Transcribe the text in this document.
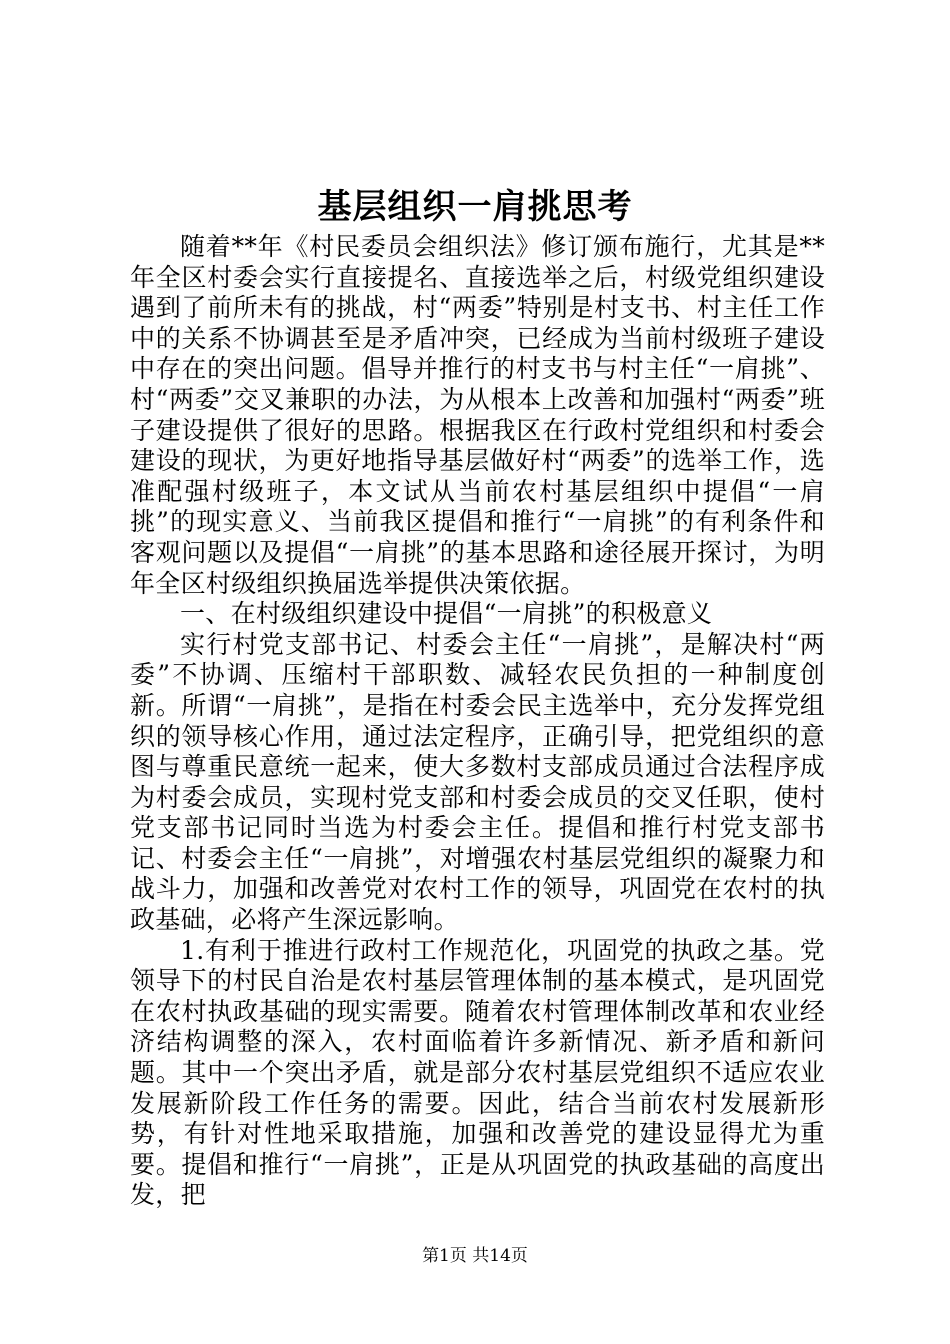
基层组织一肩挑思考

随着**年《村民委员会组织法》修订颁布施行，尤其是**年全区村委会实行直接提名、直接选举之后，村级党组织建设遇到了前所未有的挑战，村“两委”特别是村支书、村主任工作中的关系不协调甚至是矛盾冲突，已经成为当前村级班子建设中存在的突出问题。倡导并推行的村支书与村主任“一肩挑”、村“两委”交叉兼职的办法，为从根本上改善和加强村“两委”班子建设提供了很好的思路。根据我区在行政村党组织和村委会建设的现状，为更好地指导基层做好村“两委”的选举工作，选准配强村级班子，本文试从当前农村基层组织中提倡“一肩挑”的现实意义、当前我区提倡和推行“一肩挑”的有利条件和客观问题以及提倡“一肩挑”的基本思路和途径展开探讨，为明年全区村级组织换届选举提供决策依据。

一、在村级组织建设中提倡“一肩挑”的积极意义

实行村党支部书记、村委会主任“一肩挑”，是解决村“两委”不协调、压缩村干部职数、减轻农民负担的一种制度创新。所谓“一肩挑”，是指在村委会民主选举中，充分发挥党组织的领导核心作用，通过法定程序，正确引导，把党组织的意图与尊重民意统一起来，使大多数村支部成员通过合法程序成为村委会成员，实现村党支部和村委会成员的交叉任职，使村党支部书记同时当选为村委会主任。提倡和推行村党支部书记、村委会主任“一肩挑”，对增强农村基层党组织的凝聚力和战斗力，加强和改善党对农村工作的领导，巩固党在农村的执政基础，必将产生深远影响。

1.有利于推进行政村工作规范化，巩固党的执政之基。党领导下的村民自治是农村基层管理体制的基本模式，是巩固党在农村执政基础的现实需要。随着农村管理体制改革和农业经济结构调整的深入，农村面临着许多新情况、新矛盾和新问题。其中一个突出矛盾，就是部分农村基层党组织不适应农业发展新阶段工作任务的需要。因此，结合当前农村发展新形势，有针对性地采取措施，加强和改善党的建设显得尤为重要。提倡和推行“一肩挑”，正是从巩固党的执政基础的高度出发，把

第1页 共14页
